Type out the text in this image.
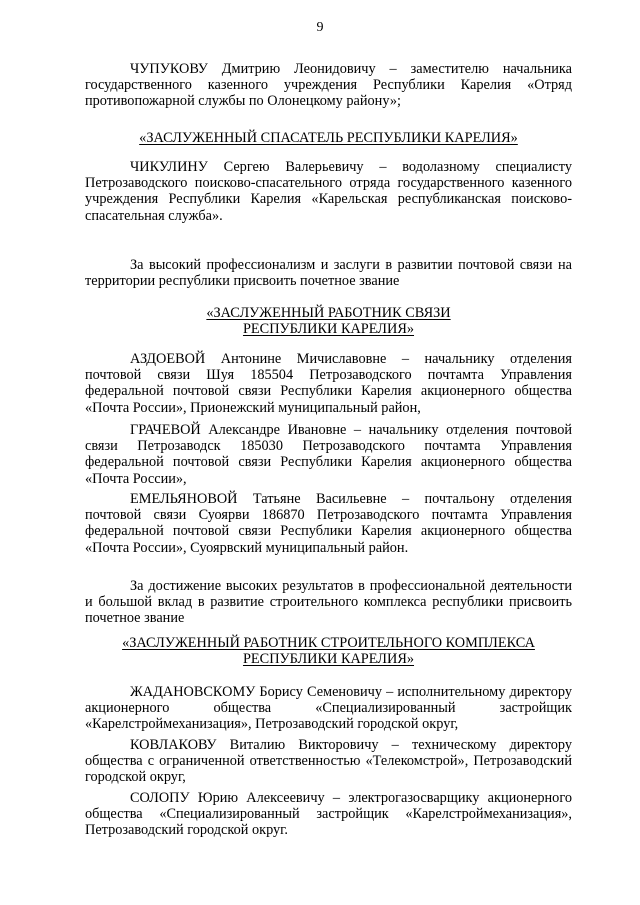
9
ЧУПУКОВУ Дмитрию Леонидовичу – заместителю начальника государственного казенного учреждения Республики Карелия «Отряд противопожарной службы по Олонецкому району»;
«ЗАСЛУЖЕННЫЙ СПАСАТЕЛЬ РЕСПУБЛИКИ КАРЕЛИЯ»
ЧИКУЛИНУ Сергею Валерьевичу – водолазному специалисту Петрозаводского поисково-спасательного отряда государственного казенного учреждения Республики Карелия «Карельская республиканская поисково-спасательная служба».
За высокий профессионализм и заслуги в развитии почтовой связи на территории республики присвоить почетное звание
«ЗАСЛУЖЕННЫЙ РАБОТНИК СВЯЗИ
РЕСПУБЛИКИ КАРЕЛИЯ»
АЗДОЕВОЙ Антонине Мичиславовне – начальнику отделения почтовой связи Шуя 185504 Петрозаводского почтамта Управления федеральной почтовой связи Республики Карелия акционерного общества «Почта России», Прионежский муниципальный район,
ГРАЧЕВОЙ Александре Ивановне – начальнику отделения почтовой связи Петрозаводск 185030 Петрозаводского почтамта Управления федеральной почтовой связи Республики Карелия акционерного общества «Почта России»,
ЕМЕЛЬЯНОВОЙ Татьяне Васильевне – почтальону отделения почтовой связи Суоярви 186870 Петрозаводского почтамта Управления федеральной почтовой связи Республики Карелия акционерного общества «Почта России», Суоярвский муниципальный район.
За достижение высоких результатов в профессиональной деятельности и большой вклад в развитие строительного комплекса республики присвоить почетное звание
«ЗАСЛУЖЕННЫЙ РАБОТНИК СТРОИТЕЛЬНОГО КОМПЛЕКСА
РЕСПУБЛИКИ КАРЕЛИЯ»
ЖАДАНОВСКОМУ Борису Семеновичу – исполнительному директору акционерного общества «Специализированный застройщик «Карелстроймеханизация», Петрозаводский городской округ,
КОВЛАКОВУ Виталию Викторовичу – техническому директору общества с ограниченной ответственностью «Телекомстрой», Петрозаводский городской округ,
СОЛОПУ Юрию Алексеевичу – электрогазосварщику акционерного общества «Специализированный застройщик «Карелстроймеханизация», Петрозаводский городской округ.
